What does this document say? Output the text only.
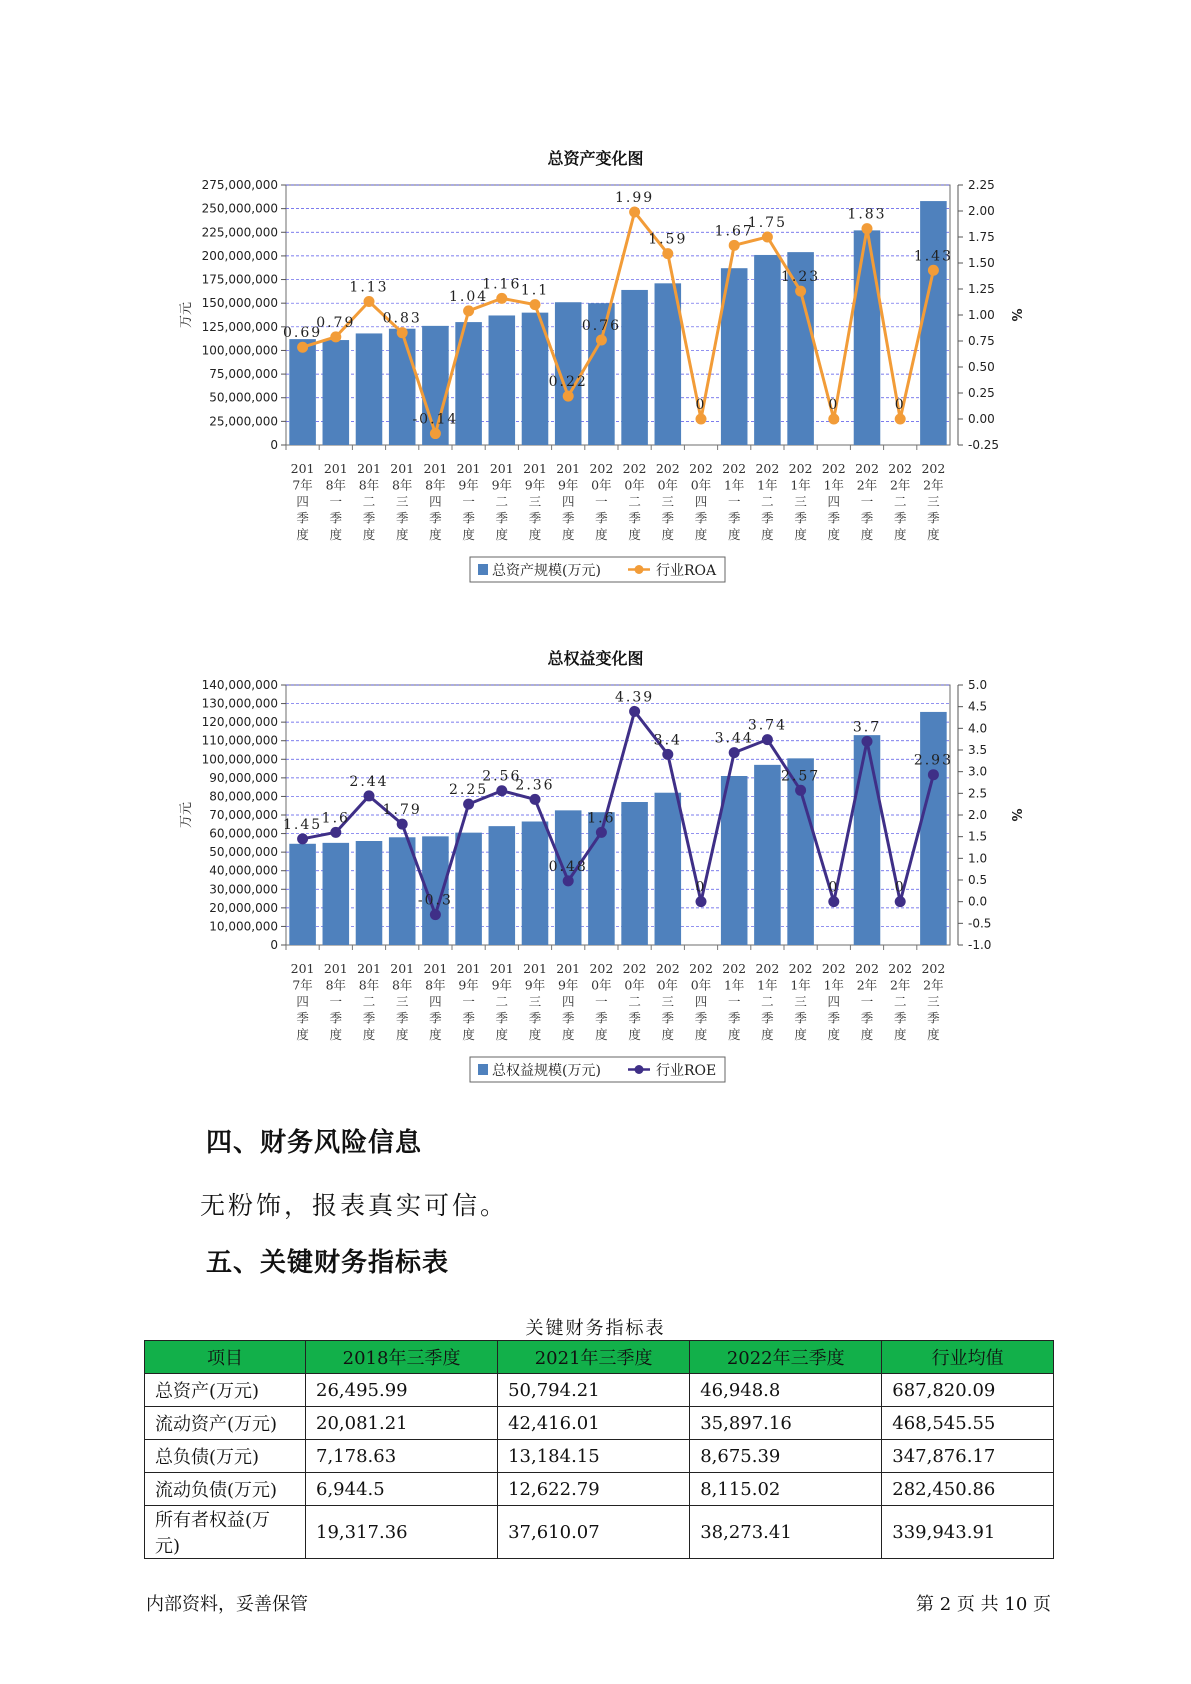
总资产变化图
0
25,000,000
50,000,000
75,000,000
100,000,000
125,000,000
150,000,000
175,000,000
200,000,000
225,000,000
250,000,000
275,000,000
-0.25
0.00
0.25
0.50
0.75
1.00
1.25
1.50
1.75
2.00
2.25
万元	%
0.69
0.79
1.13
0.83
-0.14
1.04
1.16 1.1
0.22
0.76
1.99
1.59
0
1.67
1.75
1.23
0
1.83
0
1.43
201 7年四季度
201 8年一季度
201 8年二季度
201 8年三季度
201 8年四季度
201 9年一季度
201 9年二季度
201 9年三季度
201 9年四季度
202 0年一季度
202 0年二季度
202 0年三季度
202 0年四季度
202 1年一季度
202 1年二季度
202 1年三季度
202 1年四季度
202 2年一季度
202 2年二季度
202 2年三季度
总资产规模(万元)	行业ROA
总权益变化图
0
10,000,000
20,000,000
30,000,000
40,000,000
50,000,000
60,000,000
70,000,000
80,000,000
90,000,000
100,000,000
110,000,000
120,000,000
130,000,000
140,000,000
-1.0
-0.5
0.0
0.5
1.0
1.5
2.0
2.5
3.0
3.5
4.0
4.5
5.0
万元	%
1.45 1.6
2.44
1.79
-0.3
2.25
2.56
2.36
0.48
1.6
4.39
3.4
0
3.44
3.74
2.57
0
3.7
0
2.93
201 7年四季度
201 8年一季度
201 8年二季度
201 8年三季度
201 8年四季度
201 9年一季度
201 9年二季度
201 9年三季度
201 9年四季度
202 0年一季度
202 0年二季度
202 0年三季度
202 0年四季度
202 1年一季度
202 1年二季度
202 1年三季度
202 1年四季度
202 2年一季度
202 2年二季度
202 2年三季度
总权益规模(万元)	行业ROE
四、财务风险信息
无粉饰，报表真实可信。
五、关键财务指标表
关键财务指标表
项目	2018年三季度	2021年三季度	2022年三季度	行业均值
总资产(万元)	26,495.99	50,794.21	46,948.8	687,820.09
流动资产(万元)	20,081.21	42,416.01	35,897.16	468,545.55
总负债(万元)	7,178.63	13,184.15	8,675.39	347,876.17
流动负债(万元)	6,944.5	12,622.79	8,115.02	282,450.86
所有者权益(万元)	19,317.36	37,610.07	38,273.41	339,943.91
内部资料，妥善保管	第 2 页 共 10 页
